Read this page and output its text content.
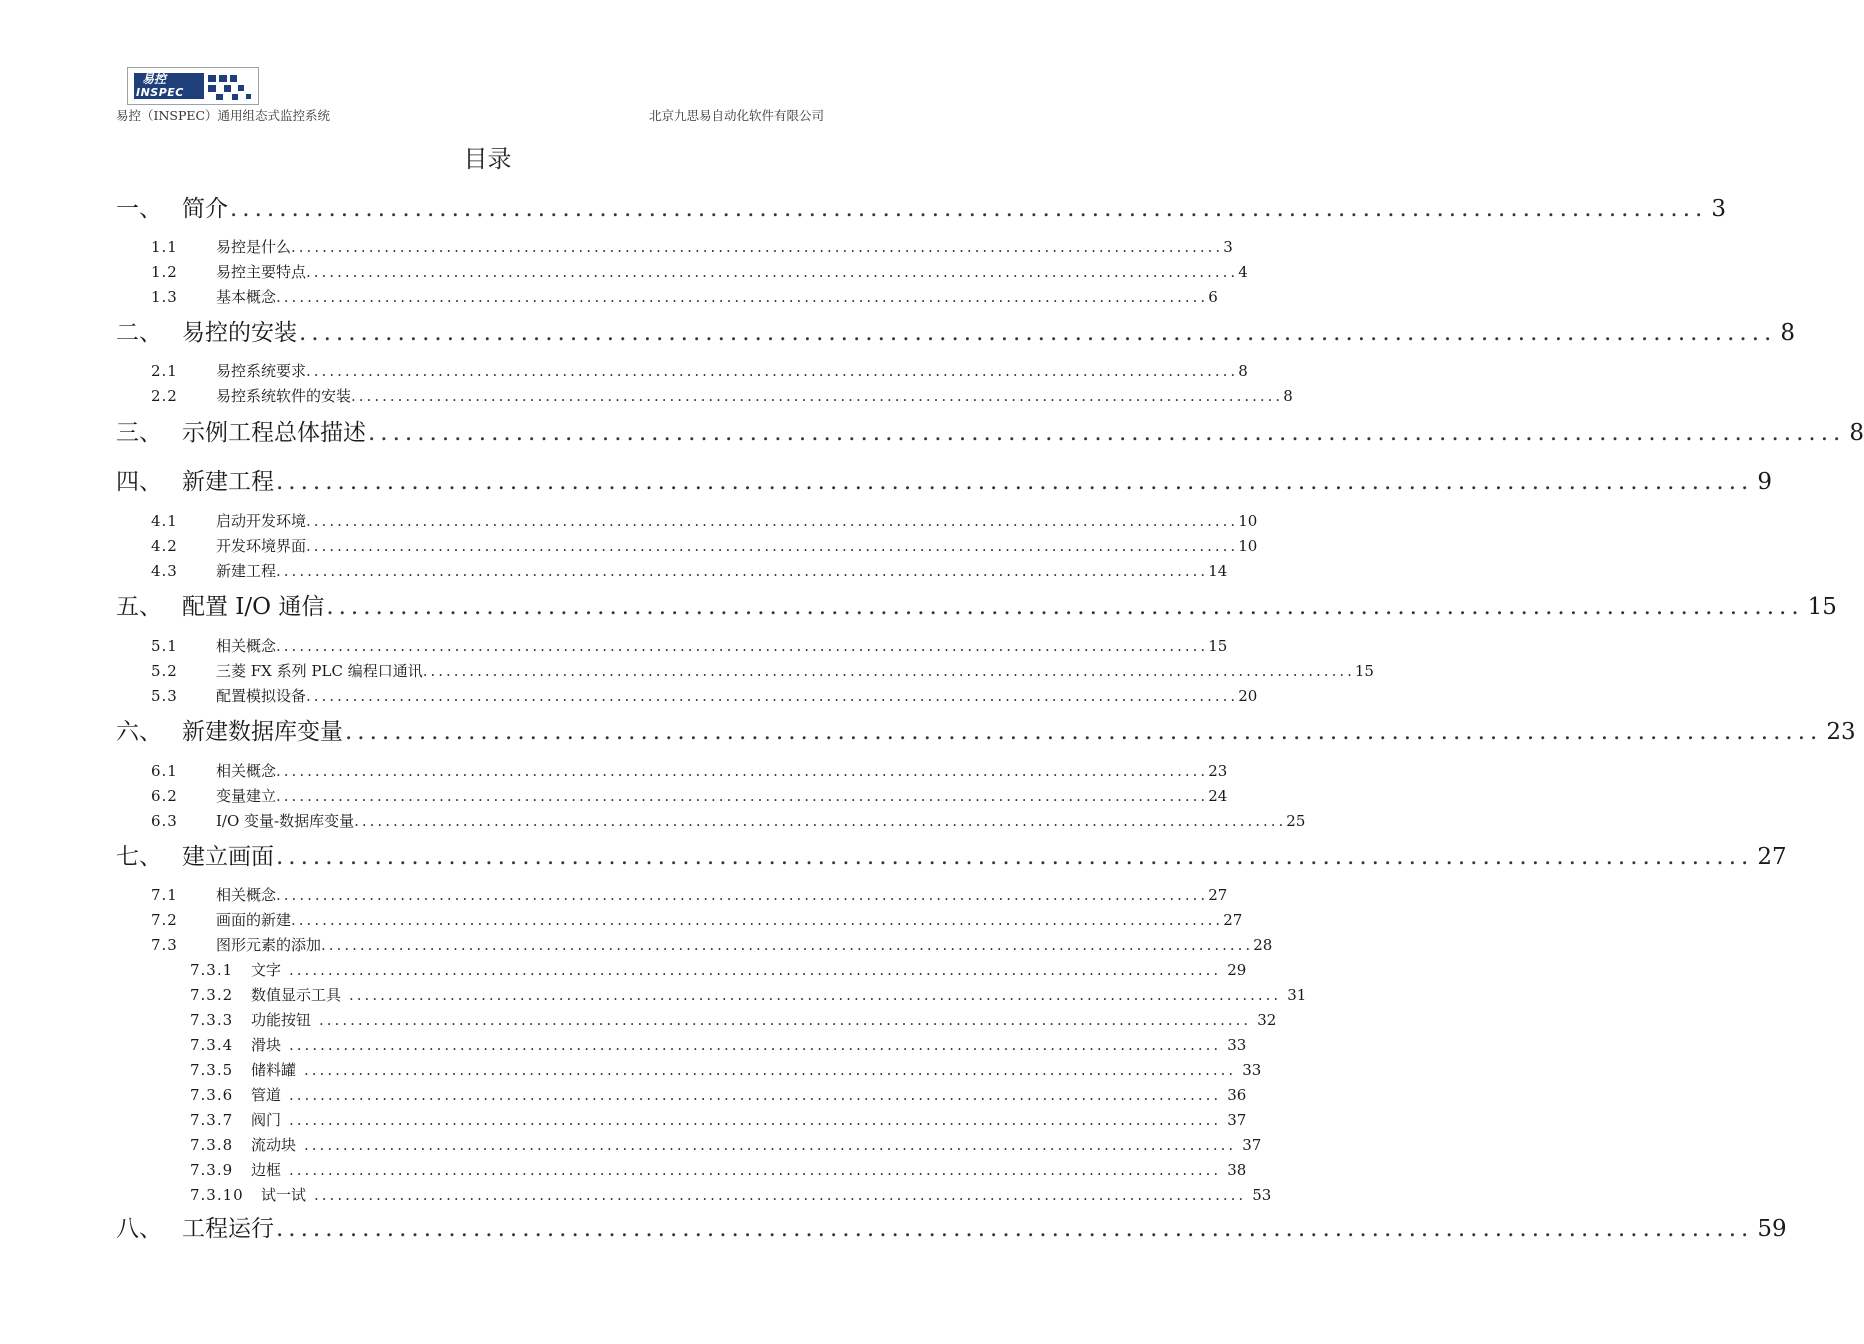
易控
INSPEC
易控（INSPEC）通用组态式监控系统	北京九思易自动化软件有限公司
目录
一、 简介 ........................................................................................................................ 3
1.1	易控是什么 ........................................................................................................................ 3
1.2	易控主要特点 ........................................................................................................................ 4
1.3	基本概念 ........................................................................................................................ 6
二、 易控的安装 ........................................................................................................................ 8
2.1	易控系统要求 ........................................................................................................................ 8
2.2	易控系统软件的安装 ........................................................................................................................ 8
三、 示例工程总体描述 ........................................................................................................................ 8
四、 新建工程 ........................................................................................................................ 9
4.1	启动开发环境 ........................................................................................................................ 10
4.2	开发环境界面 ........................................................................................................................ 10
4.3	新建工程 ........................................................................................................................ 14
五、 配置 I/O 通信 ........................................................................................................................ 15
5.1	相关概念 ........................................................................................................................ 15
5.2	三菱 FX 系列 PLC 编程口通讯 ........................................................................................................................ 15
5.3	配置模拟设备 ........................................................................................................................ 20
六、 新建数据库变量 ........................................................................................................................ 23
6.1	相关概念 ........................................................................................................................ 23
6.2	变量建立 ........................................................................................................................ 24
6.3	I/O 变量-数据库变量 ........................................................................................................................ 25
七、 建立画面 ........................................................................................................................ 27
7.1	相关概念 ........................................................................................................................ 27
7.2	画面的新建 ........................................................................................................................ 27
7.3	图形元素的添加 ........................................................................................................................ 28
7.3.1	文字 ........................................................................................................................ 29
7.3.2	数值显示工具 ........................................................................................................................ 31
7.3.3	功能按钮 ........................................................................................................................ 32
7.3.4	滑块 ........................................................................................................................ 33
7.3.5	储料罐 ........................................................................................................................ 33
7.3.6	管道 ........................................................................................................................ 36
7.3.7	阀门 ........................................................................................................................ 37
7.3.8	流动块 ........................................................................................................................ 37
7.3.9	边框 ........................................................................................................................ 38
7.3.10	试一试 ........................................................................................................................ 53
八、 工程运行 ........................................................................................................................ 59
